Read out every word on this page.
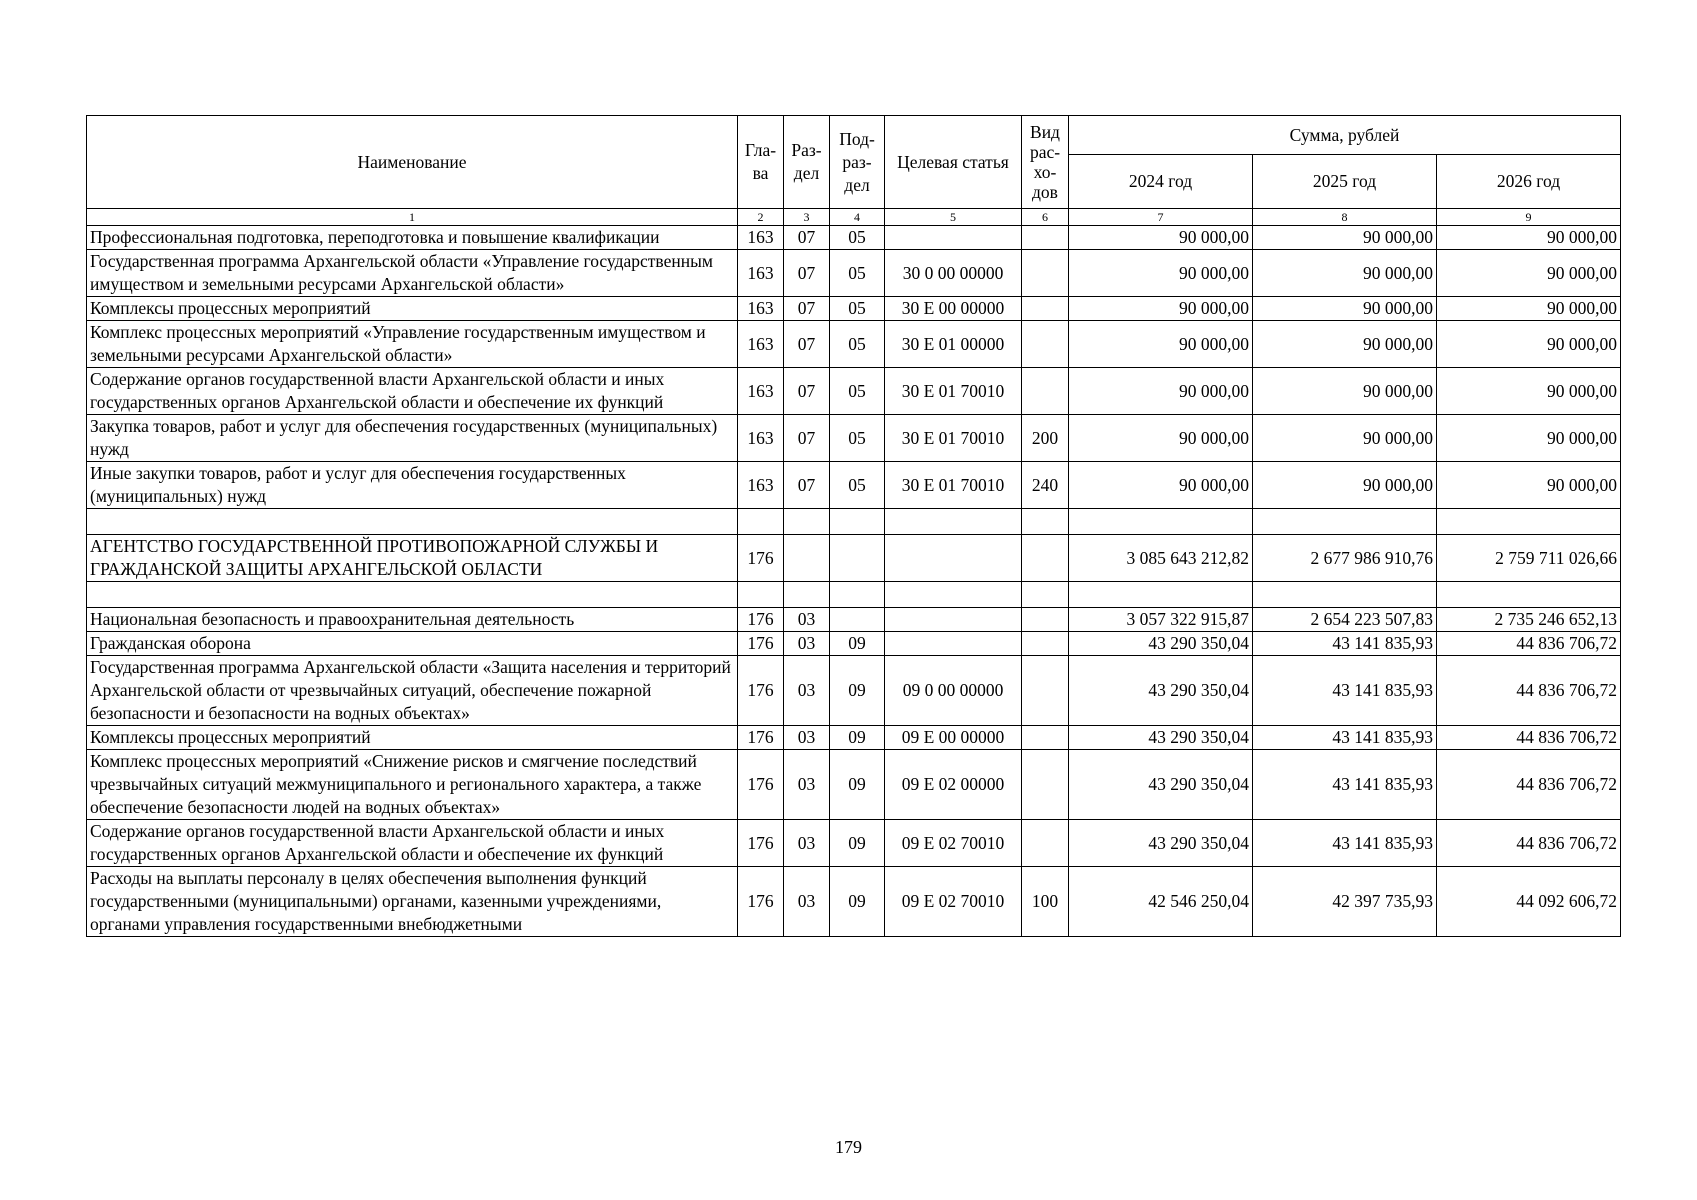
Наименование	Гла-ва	Раз-дел	Под-раз-дел	Целевая статья	Вид рас-хо-дов	Сумма, рублей		
						2024 год	2025 год	2026 год
1	2	3	4	5	6	7	8	9
Профессиональная подготовка, переподготовка и повышение квалификации	163	07	05			90 000,00	90 000,00	90 000,00
Государственная программа Архангельской области «Управление государственным имуществом и земельными ресурсами Архангельской области»	163	07	05	30 0 00 00000		90 000,00	90 000,00	90 000,00
Комплексы процессных мероприятий	163	07	05	30 Е 00 00000		90 000,00	90 000,00	90 000,00
Комплекс процессных мероприятий «Управление государственным имуществом и земельными ресурсами Архангельской области»	163	07	05	30 Е 01 00000		90 000,00	90 000,00	90 000,00
Содержание органов государственной власти Архангельской области и иных государственных органов Архангельской области и обеспечение их функций	163	07	05	30 Е 01 70010		90 000,00	90 000,00	90 000,00
Закупка товаров, работ и услуг для обеспечения государственных (муниципальных) нужд	163	07	05	30 Е 01 70010	200	90 000,00	90 000,00	90 000,00
Иные закупки товаров, работ и услуг для обеспечения государственных (муниципальных) нужд	163	07	05	30 Е 01 70010	240	90 000,00	90 000,00	90 000,00

АГЕНТСТВО ГОСУДАРСТВЕННОЙ ПРОТИВОПОЖАРНОЙ СЛУЖБЫ И ГРАЖДАНСКОЙ ЗАЩИТЫ АРХАНГЕЛЬСКОЙ ОБЛАСТИ	176					3 085 643 212,82	2 677 986 910,76	2 759 711 026,66

Национальная безопасность и правоохранительная деятельность	176	03				3 057 322 915,87	2 654 223 507,83	2 735 246 652,13
Гражданская оборона	176	03	09			43 290 350,04	43 141 835,93	44 836 706,72
Государственная программа Архангельской области «Защита населения и территорий Архангельской области от чрезвычайных ситуаций, обеспечение пожарной безопасности и безопасности на водных объектах»	176	03	09	09 0 00 00000		43 290 350,04	43 141 835,93	44 836 706,72
Комплексы процессных мероприятий	176	03	09	09 Е 00 00000		43 290 350,04	43 141 835,93	44 836 706,72
Комплекс процессных мероприятий «Снижение рисков и смягчение последствий чрезвычайных ситуаций межмуниципального и регионального характера, а также обеспечение безопасности людей на водных объектах»	176	03	09	09 Е 02 00000		43 290 350,04	43 141 835,93	44 836 706,72
Содержание органов государственной власти Архангельской области и иных государственных органов Архангельской области и обеспечение их функций	176	03	09	09 Е 02 70010		43 290 350,04	43 141 835,93	44 836 706,72
Расходы на выплаты персоналу в целях обеспечения выполнения функций государственными (муниципальными) органами, казенными учреждениями, органами управления государственными внебюджетными	176	03	09	09 Е 02 70010	100	42 546 250,04	42 397 735,93	44 092 606,72
179
